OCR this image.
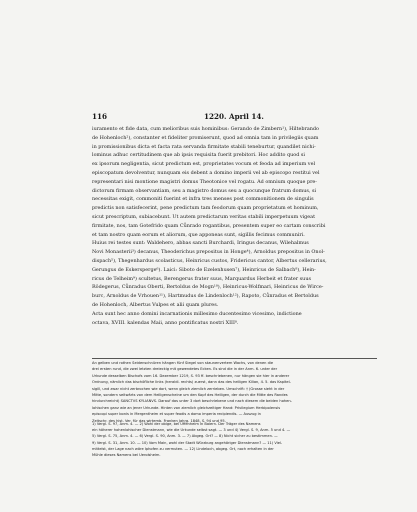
116	1220. April 14.
iuramento et fide data, cum melioribus suis hominibus: Gerando de Zimbern¹), Hiltebrando
de Hohenloch²), constanter et fideliter promiserunt, quod ad omnia tam in privilegiis quam
in promissionibus dicta et facta rata servanda firmitate stabili teneburtur, quandilet nichi-
lominus adhuc certitudinem que ab ipsis requisita fuerit prebitori. Hoc addito quod si
ex ipsorum negligentia, sicut predictum est, proprietates vocum et feoda ad imperium vel
episcopatum devolventur, nunquam eis debent a domino imperii vel ab episcopo restitui vel
representari nisi montione magistri domus Theotonice vel rogatu. Ad omnium quoque pre-
dictorum firmam observantiam, seu a magistro domus seu a quocunque fratrum domus, si
necessitas exigit, commoniti fuerint et infra tres menses post commonitionem de singulis
predictis non satisfecerint, pene predictum tam feodorum quam proprietatum et hominum,
sicut prescriptum, subiacebunt. Ut autem predictarum veritas stabili imperpetuum vigeat
firmitate, nos, tam Gotefrido quam Cůnrado rogantibus, presentem super eo cartam conscribi
et tam nostro quam eorum et aliorum, que apponeas sunt, sigillis fecimus communiri.
Huius rei testes sunt: Waldehero, abbas sancti Burchardi, Iringus decanus, Wilehalmus
Novi Monasterii³) decanus, Theoderichus prepositus in Honge⁴), Arnoldus prepositus in Onol-
dispach⁵), Thegenhardus scolasticus, Heinricus custos, Fridericus cantor, Albertus cellerarius,
Gerungus de Eskersperge⁶). Laici: Siboto de Ezelenhusen⁷), Heinricus de Salbach⁸), Hein-
ricus de Telheim⁹) scultetus, Berengerus frater suus, Marquardus Herbeit et frater suus
Rŏdegerus, Cůnradus Oberti, Bertoldus de Mogn¹⁰), Heinricus-Wolfmari, Heinricus de Wirce-
burc, Arnoldus de Vrhouen¹¹), Hartmudus de Lindenloch¹²), Rapoto, Cůnradus et Bertoldus
de Hohenloch, Albertus Vulpes et alii quam plures.
Acta sunt hec anno domini incarnationis millesimo ducentesimo vicesimo, indictione
octava, XVIII. kalendas Maii, anno pontificatus nostri XIII⁰.
An gelben und rothen Seidenschnüren hängen fünf Siegel von staunenvertem Wachs, von denen die
drei ersten rund, die zwei letzten dreieckig mit gewendetes Ecken. Es sind die in der Anm. 6. unter der
Urkunde desselben Bischofs vom 16. Dezember 1219, S. 93 ff. beschriebenen, nur hängen sie hier in anderer
Ordnung, nämlich das bischöfliche links (heraldi. rechts) zuerst, dann das des heiligen Kilian, 4. 5. das Kapitel-
sigill, und zwar nicht zerbrochen wie dort, wenn gleich ziemlich zerrieben. Umschrift: † (Grosse sieht in der
Mitte, sondern seitwärts von dem Heiligenscheine um den Kopf des Heiligen, der durch die Mitte des Randes
hindurchreicht) SANCTVS KYLIANVS. Darauf das unter 3 dort beschriebene und nach diesem die beiden hohen-
lohischen ganz wie an jener Urkunde. Hinten von ziemlich gleichzeitiger Hand: Privilegium Herbipolensis
episcopi super bonis in Mergentheim et super feodis a domo imperia recipiendis. — Auszug in
Zeitschr. des hist. Ver. für das wirtemb. Franken Jahrg. 1848, S. 94 und 95.
1) Vergl. S. 97, Anm. 4. — 2) Wohl der obige, bei Uffenheim in Baiern. Der Träger des Namens
ein höherer hohenlohischer Dienstmann, wie die Urkunde selbst sagt. — 3 und 4) Vergl. S. 9, Anm. 5 und 4. —
5) Vergl. S. 75, Anm. 4. — 6) Vergl. S. 90, Anm. 3. — 7) Abgeg. Ort? — 8) Nicht sicher zu bestimmen. —
9) Vergl. S. 31, Anm. 10. — 10) Vom Main, wohl der Stadt Würzburg angehöriger Dienstmann? — 11) Viel-
mittelst, der Lage nach wäre Iphofen zu vermuten. — 12) Lindeloch, abgeg. Ort, noch erhalten in der
Mühle dieses Namens bei Uerolsheim.
